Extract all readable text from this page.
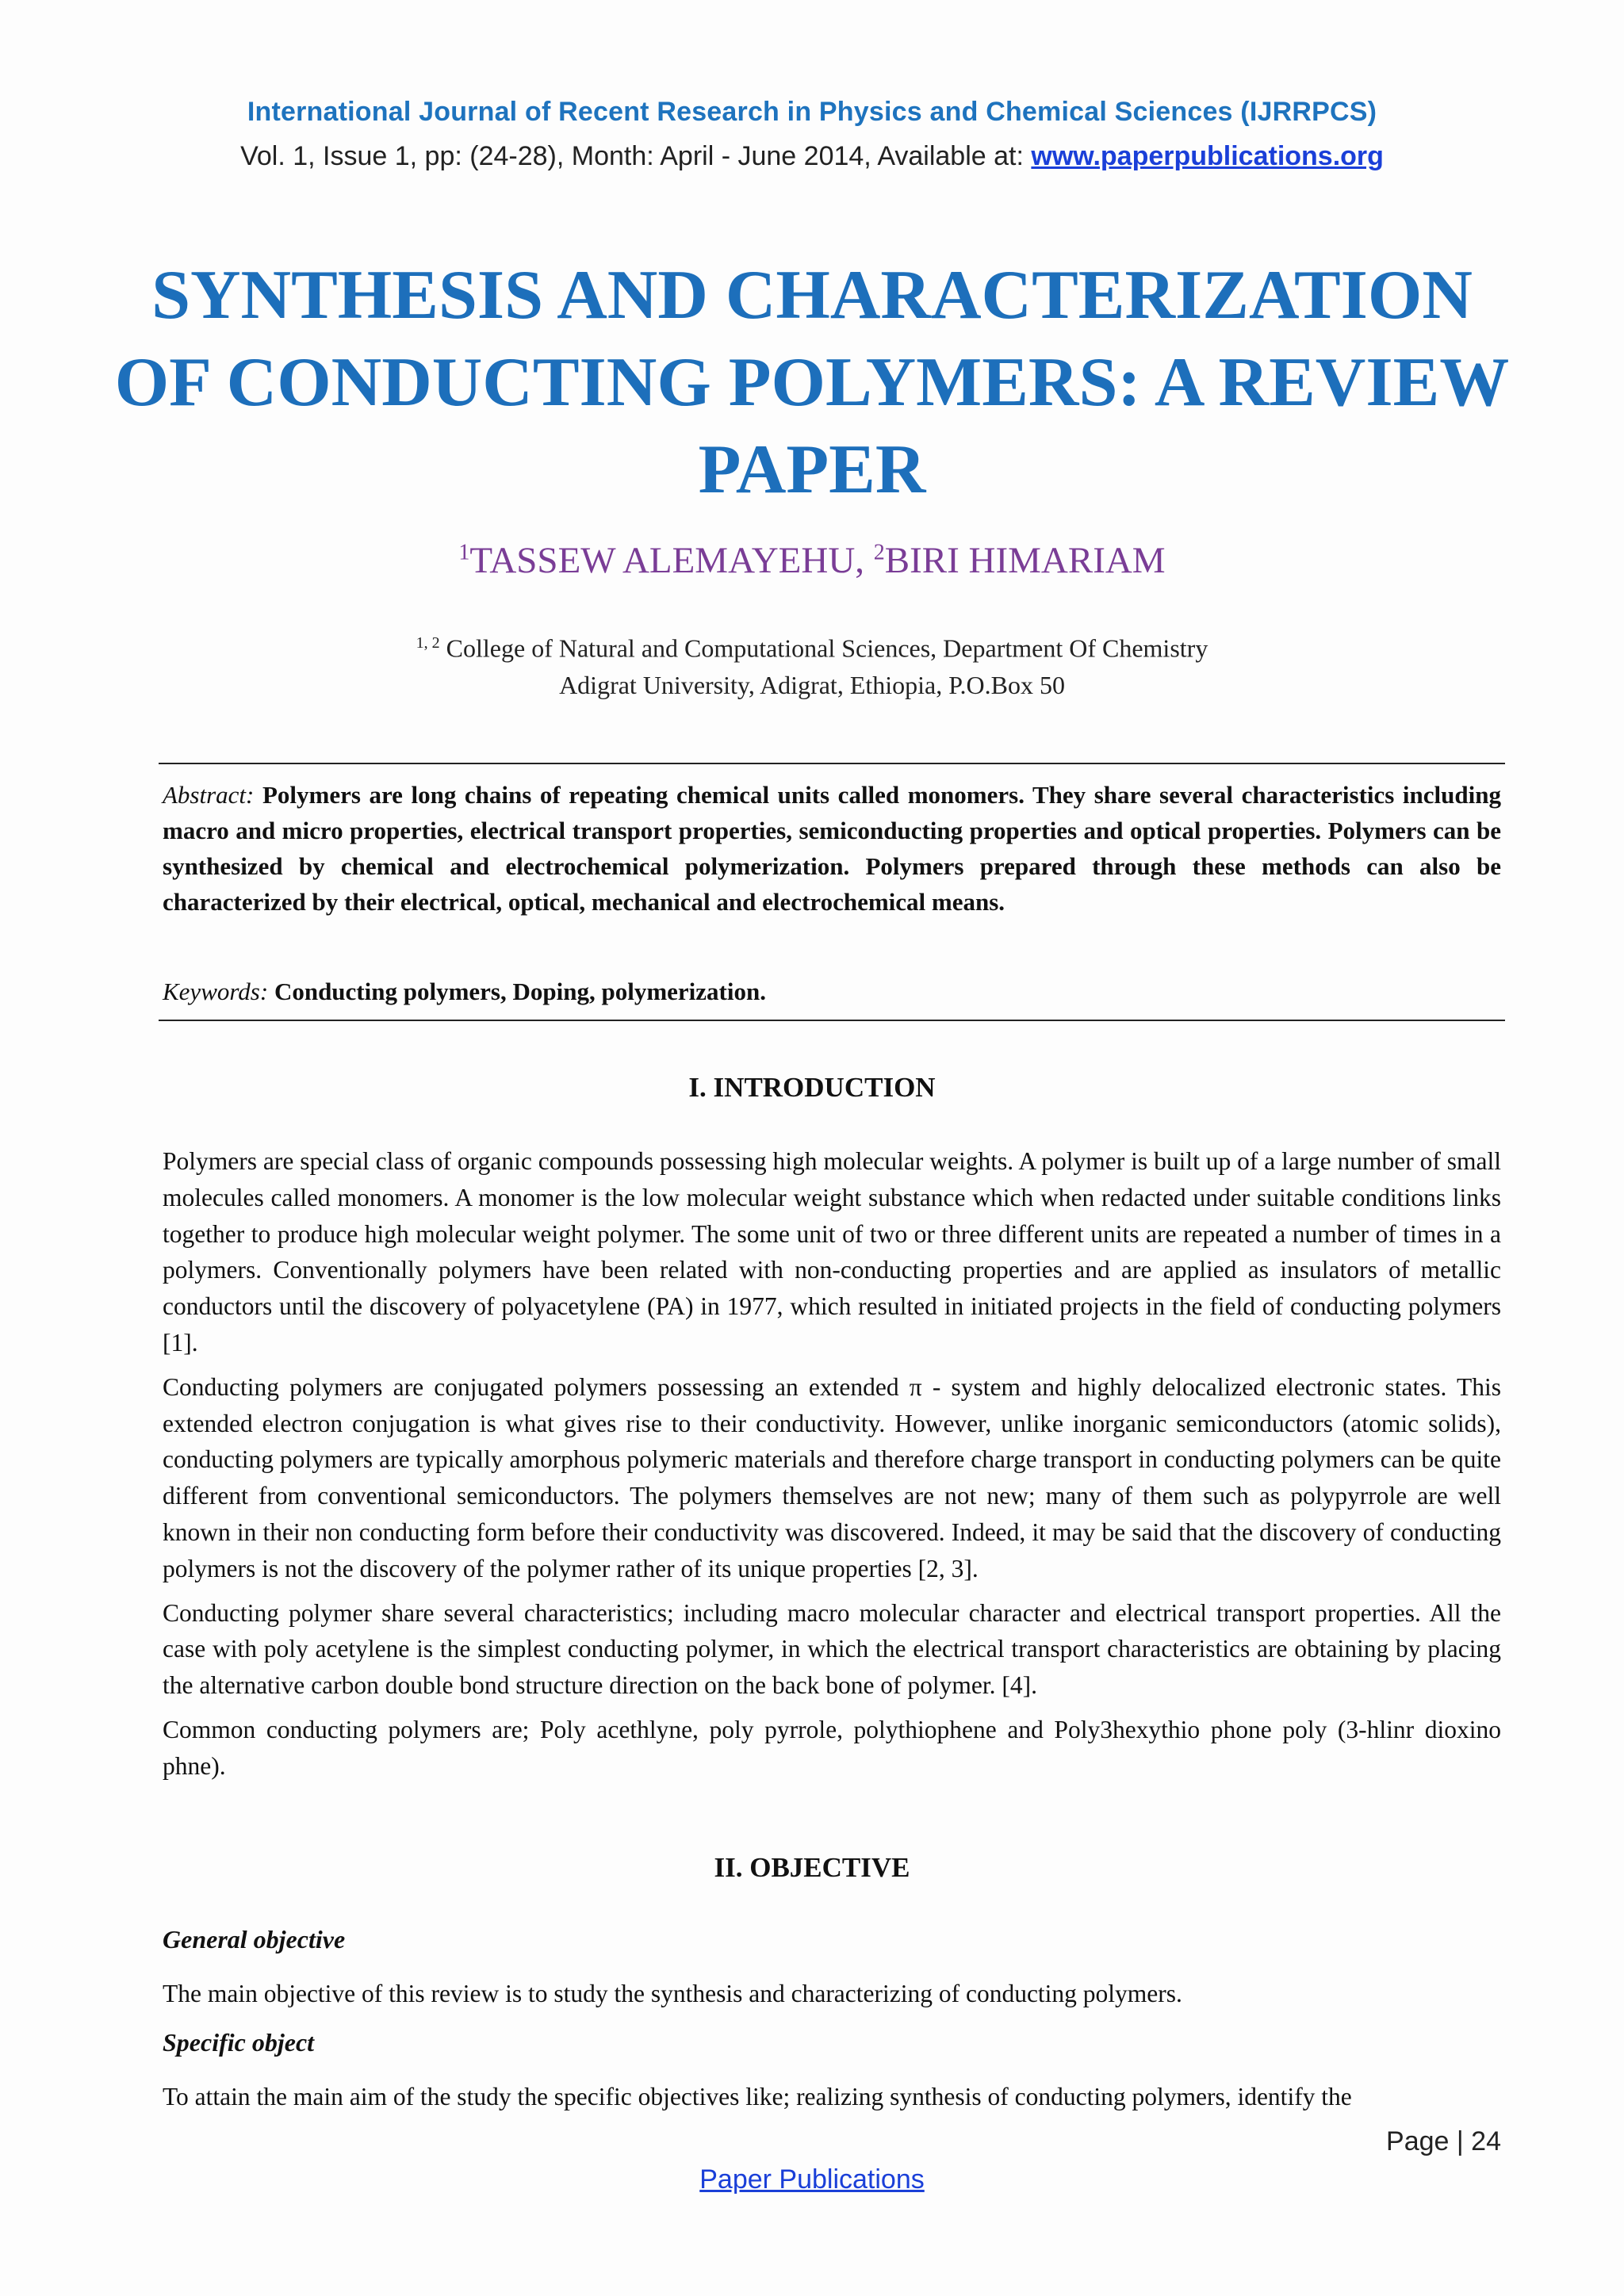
International Journal of Recent Research in Physics and Chemical Sciences (IJRRPCS)
Vol. 1, Issue 1, pp: (24-28), Month: April - June 2014, Available at: www.paperpublications.org
SYNTHESIS AND CHARACTERIZATION
OF CONDUCTING POLYMERS: A REVIEW
PAPER
$^1$TASSEW ALEMAYEHU, $^2$BIRI HIMARIAM
$^{1, 2}$ College of Natural and Computational Sciences, Department Of Chemistry
Adigrat University, Adigrat, Ethiopia, P.O.Box 50
Abstract: Polymers are long chains of repeating chemical units called monomers. They share several characteristics including macro and micro properties, electrical transport properties, semiconducting properties and optical properties. Polymers can be synthesized by chemical and electrochemical polymerization. Polymers prepared through these methods can also be characterized by their electrical, optical, mechanical and electrochemical means.
Keywords: Conducting polymers, Doping, polymerization.
I. INTRODUCTION

Polymers are special class of organic compounds possessing high molecular weights. A polymer is built up of a large number of small molecules called monomers. A monomer is the low molecular weight substance which when redacted under suitable conditions links together to produce high molecular weight polymer. The some unit of two or three different units are repeated a number of times in a polymers. Conventionally polymers have been related with non-conducting properties and are applied as insulators of metallic conductors until the discovery of polyacetylene (PA) in 1977, which resulted in initiated projects in the field of conducting polymers [1].

Conducting polymers are conjugated polymers possessing an extended π - system and highly delocalized electronic states. This extended electron conjugation is what gives rise to their conductivity. However, unlike inorganic semiconductors (atomic solids), conducting polymers are typically amorphous polymeric materials and therefore charge transport in conducting polymers can be quite different from conventional semiconductors. The polymers themselves are not new; many of them such as polypyrrole are well known in their non conducting form before their conductivity was discovered. Indeed, it may be said that the discovery of conducting polymers is not the discovery of the polymer rather of its unique properties [2, 3].

Conducting polymer share several characteristics; including macro molecular character and electrical transport properties. All the case with poly acetylene is the simplest conducting polymer, in which the electrical transport characteristics are obtaining by placing the alternative carbon double bond structure direction on the back bone of polymer. [4].

Common conducting polymers are; Poly acethlyne, poly pyrrole, polythiophene and Poly3hexythio phone poly (3-hlinr dioxino phne).

II. OBJECTIVE
General objective
The main objective of this review is to study the synthesis and characterizing of conducting polymers.
Specific object
To attain the main aim of the study the specific objectives like; realizing synthesis of conducting polymers, identify the
Page | 24
Paper Publications
